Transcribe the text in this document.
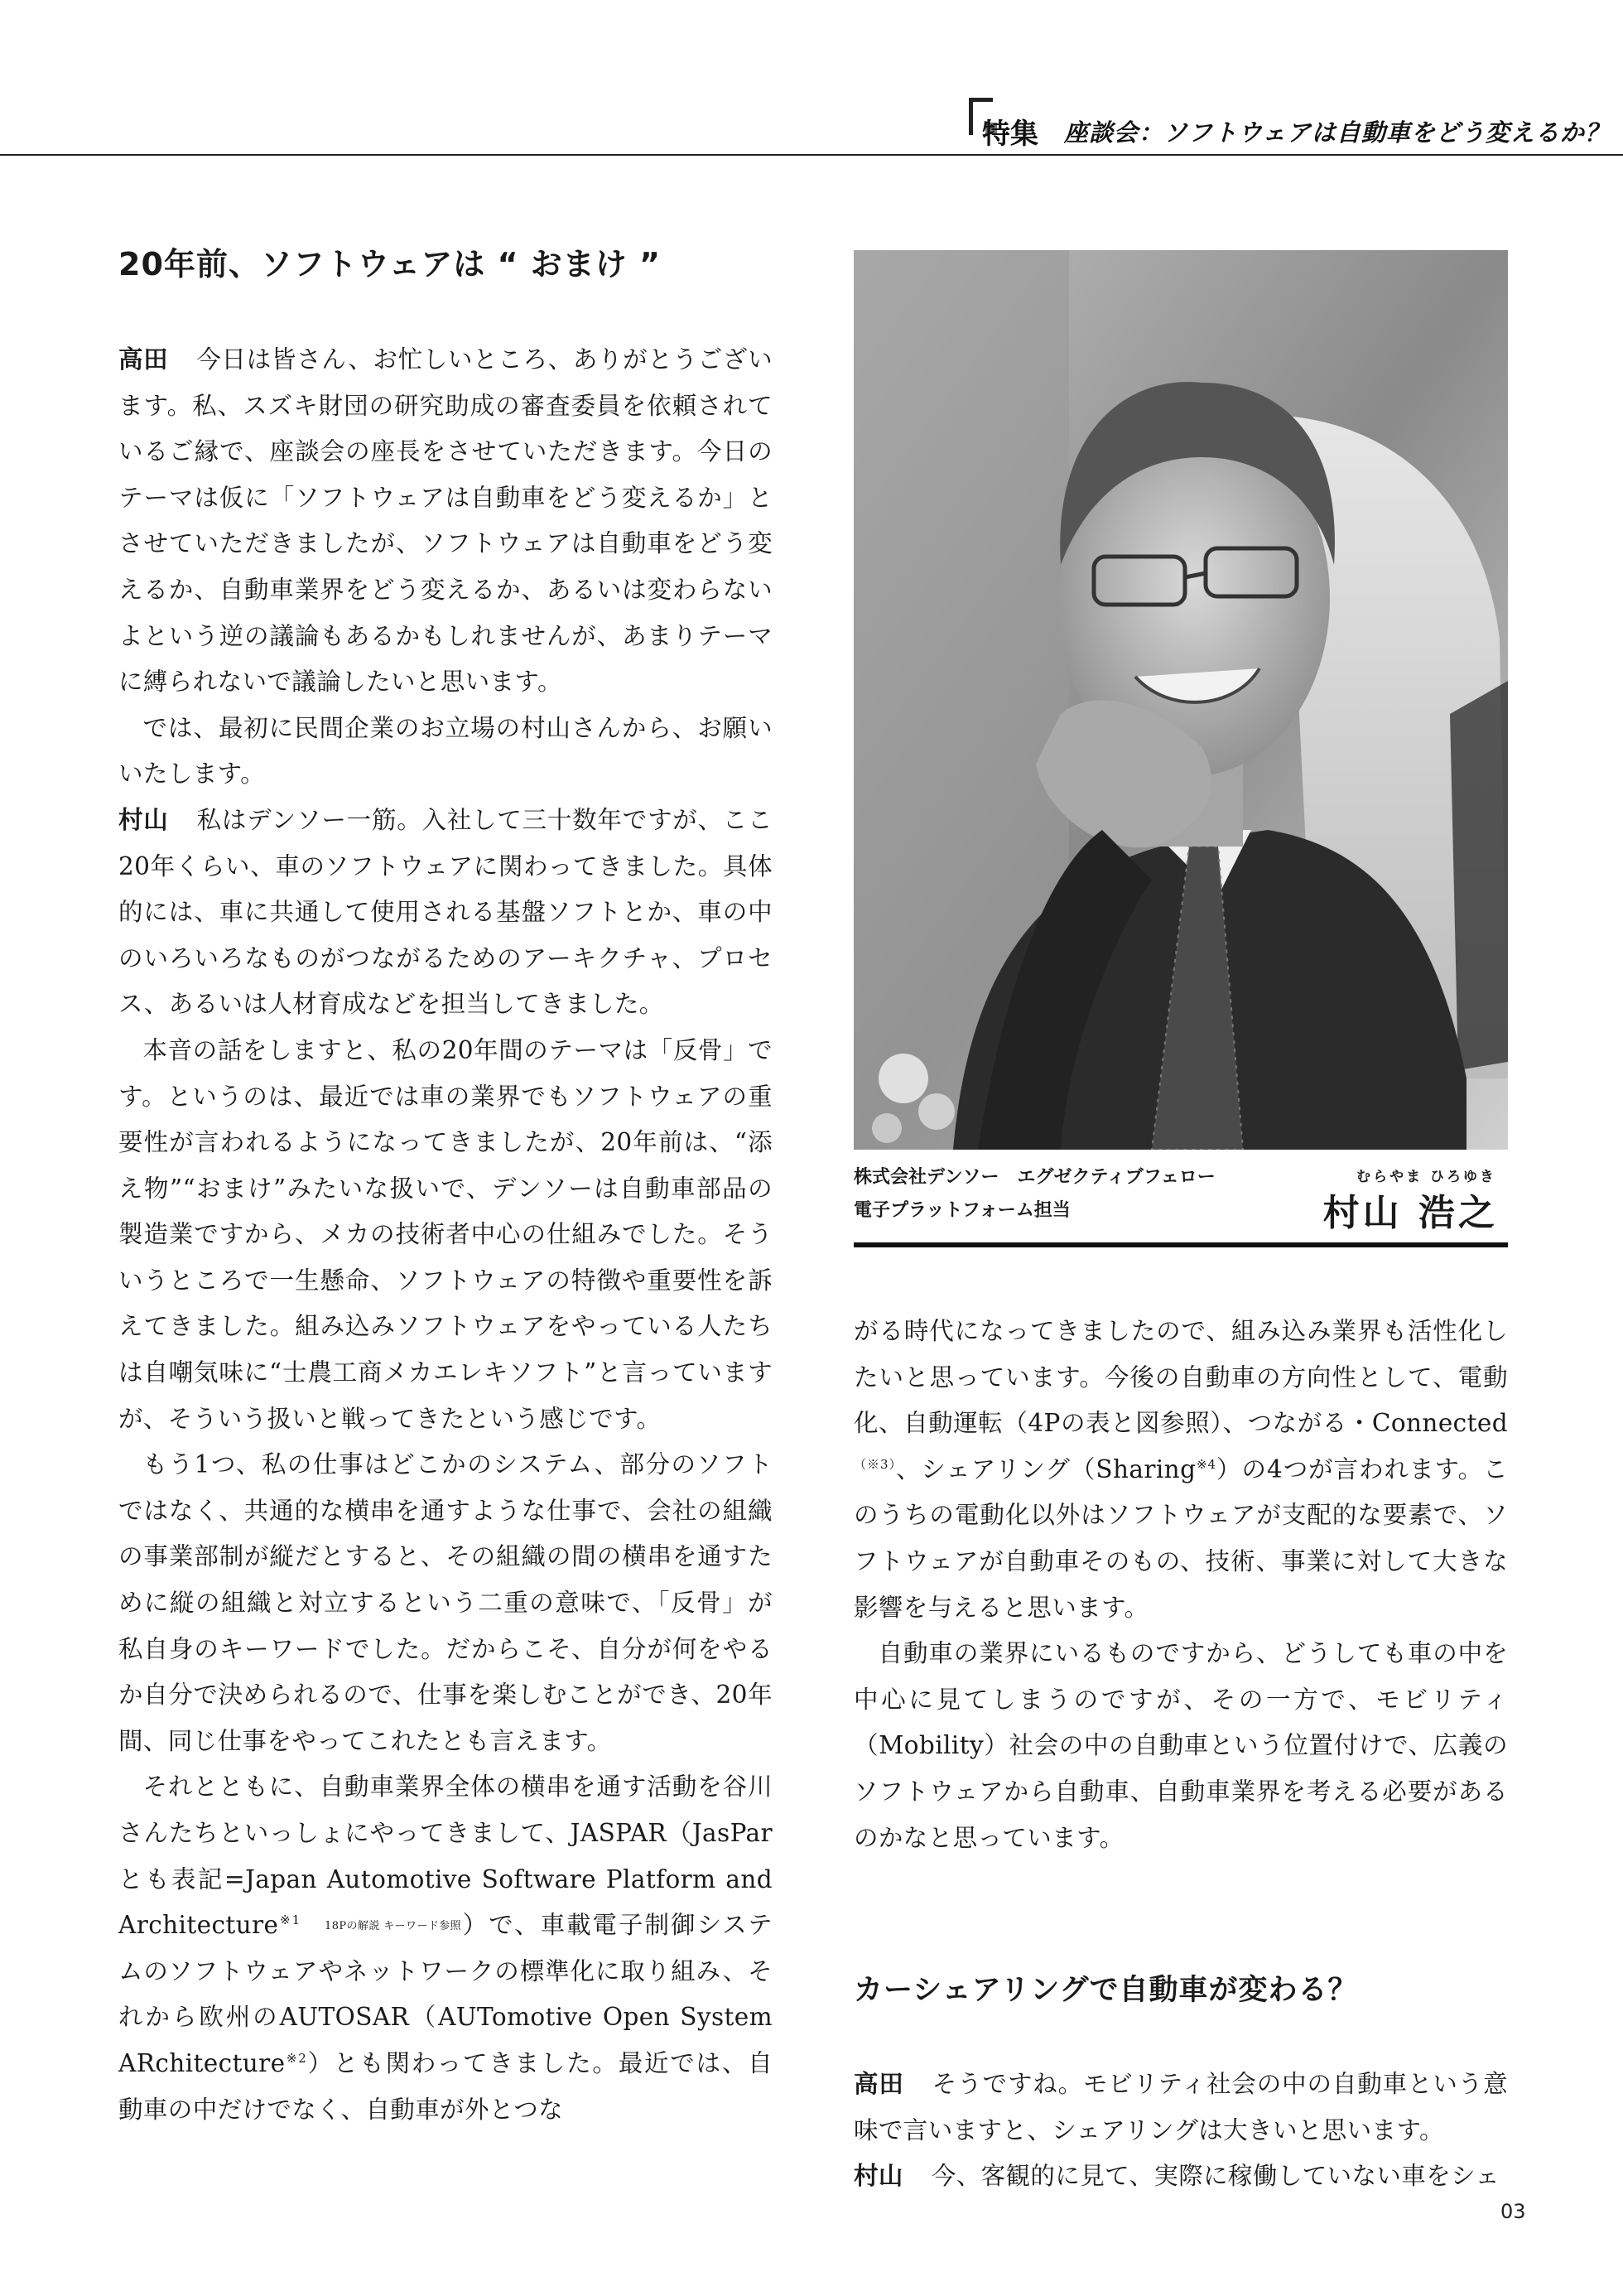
特集 座談会：ソフトウェアは自動車をどう変えるか？
20年前、ソフトウェアは “ おまけ ”

高田 今日は皆さん、お忙しいところ、ありがとうございます。私、スズキ財団の研究助成の審査委員を依頼されているご縁で、座談会の座長をさせていただきます。今日のテーマは仮に「ソフトウェアは自動車をどう変えるか」とさせていただきましたが、ソフトウェアは自動車をどう変えるか、自動車業界をどう変えるか、あるいは変わらないよという逆の議論もあるかもしれませんが、あまりテーマに縛られないで議論したいと思います。

では、最初に民間企業のお立場の村山さんから、お願いいたします。

村山 私はデンソー一筋。入社して三十数年ですが、ここ20年くらい、車のソフトウェアに関わってきました。具体的には、車に共通して使用される基盤ソフトとか、車の中のいろいろなものがつながるためのアーキクチャ、プロセス、あるいは人材育成などを担当してきました。

本音の話をしますと、私の20年間のテーマは「反骨」です。というのは、最近では車の業界でもソフトウェアの重要性が言われるようになってきましたが、20年前は、“添え物”“おまけ”みたいな扱いで、デンソーは自動車部品の製造業ですから、メカの技術者中心の仕組みでした。そういうところで一生懸命、ソフトウェアの特徴や重要性を訴えてきました。組み込みソフトウェアをやっている人たちは自嘲気味に“士農工商メカエレキソフト”と言っていますが、そういう扱いと戦ってきたという感じです。

もう1つ、私の仕事はどこかのシステム、部分のソフトではなく、共通的な横串を通すような仕事で、会社の組織の事業部制が縦だとすると、その組織の間の横串を通すために縦の組織と対立するという二重の意味で、「反骨」が私自身のキーワードでした。だからこそ、自分が何をやるか自分で決められるので、仕事を楽しむことができ、20年間、同じ仕事をやってこれたとも言えます。

それとともに、自動車業界全体の横串を通す活動を谷川さんたちといっしょにやってきまして、JASPAR（JasParとも表記=Japan Automotive Software Platform and Architecture$^{※1}$ 18Pの解説 キーワード参照）で、車載電子制御システムのソフトウェアやネットワークの標準化に取り組み、それから欧州のAUTOSAR（AUTomotive Open System ARchitecture$^{※2}$）とも関わってきました。最近では、自動車の中だけでなく、自動車が外とつな

株式会社デンソー　エグゼクティブフェロー
電子プラットフォーム担当
むらやま ひろゆき
村山 浩之

がる時代になってきましたので、組み込み業界も活性化したいと思っています。今後の自動車の方向性として、電動化、自動運転（4Pの表と図参照）、つながる・Connected$^{(※3)}$、シェアリング（Sharing$^{※4}$）の4つが言われます。このうちの電動化以外はソフトウェアが支配的な要素で、ソフトウェアが自動車そのもの、技術、事業に対して大きな影響を与えると思います。

自動車の業界にいるものですから、どうしても車の中を中心に見てしまうのですが、その一方で、モビリティ（Mobility）社会の中の自動車という位置付けで、広義のソフトウェアから自動車、自動車業界を考える必要があるのかなと思っています。

カーシェアリングで自動車が変わる？

高田 そうですね。モビリティ社会の中の自動車という意味で言いますと、シェアリングは大きいと思います。

村山 今、客観的に見て、実際に稼働していない車をシェ

03
